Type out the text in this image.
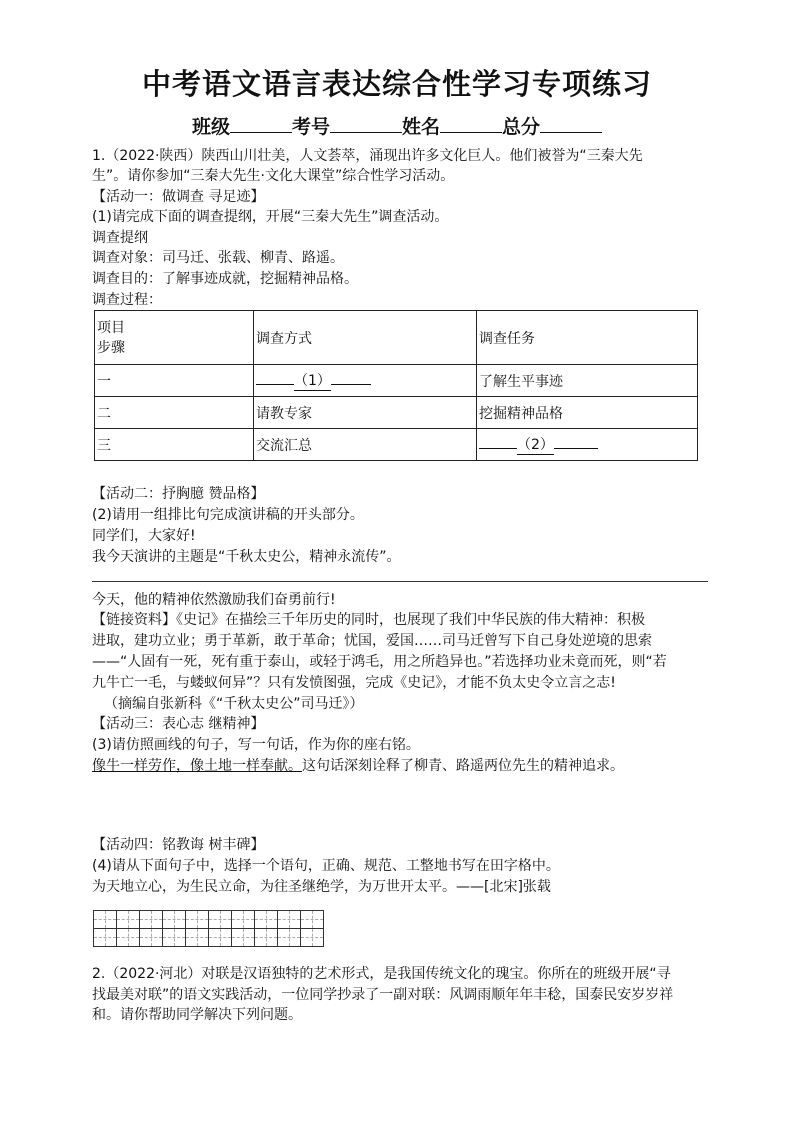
中考语文语言表达综合性学习专项练习
班级	考号	姓名	总分
1.（2022·陕西）陕西山川壮美，人文荟萃，涌现出许多文化巨人。他们被誉为“三秦大先
生”。请你参加“三秦大先生·文化大课堂”综合性学习活动。
【活动一：做调查 寻足迹】
(1)请完成下面的调查提纲，开展“三秦大先生”调查活动。
调查提纲
调查对象：司马迁、张载、柳青、路遥。
调查目的：了解事迹成就，挖掘精神品格。
调查过程：
项目
步骤	调查方式	调查任务
一	（1）	了解生平事迹
二	请教专家	挖掘精神品格
三	交流汇总	（2）
【活动二：抒胸臆 赞品格】
(2)请用一组排比句完成演讲稿的开头部分。
同学们，大家好!
我今天演讲的主题是“千秋太史公，精神永流传”。
今天，他的精神依然激励我们奋勇前行!
【链接资料】《史记》在描绘三千年历史的同时，也展现了我们中华民族的伟大精神：积极
进取，建功立业；勇于革新，敢于革命；忧国，爱国……司马迁曾写下自己身处逆境的思索
——“人固有一死，死有重于泰山，或轻于鸿毛，用之所趋异也。”若选择功业未竟而死，则“若
九牛亡一毛，与蝼蚁何异”？只有发愤图强，完成《史记》，才能不负太史令立言之志!
（摘编自张新科《“千秋太史公”司马迁》）
【活动三：表心志 继精神】
(3)请仿照画线的句子，写一句话，作为你的座右铭。
像牛一样劳作，像土地一样奉献。这句话深刻诠释了柳青、路遥两位先生的精神追求。
【活动四：铭教诲 树丰碑】
(4)请从下面句子中，选择一个语句，正确、规范、工整地书写在田字格中。
为天地立心，为生民立命，为往圣继绝学，为万世开太平。——[北宋]张载
2.（2022·河北）对联是汉语独特的艺术形式，是我国传统文化的瑰宝。你所在的班级开展“寻
找最美对联”的语文实践活动，一位同学抄录了一副对联：风调雨顺年年丰稔，国泰民安岁岁祥
和。请你帮助同学解决下列问题。
